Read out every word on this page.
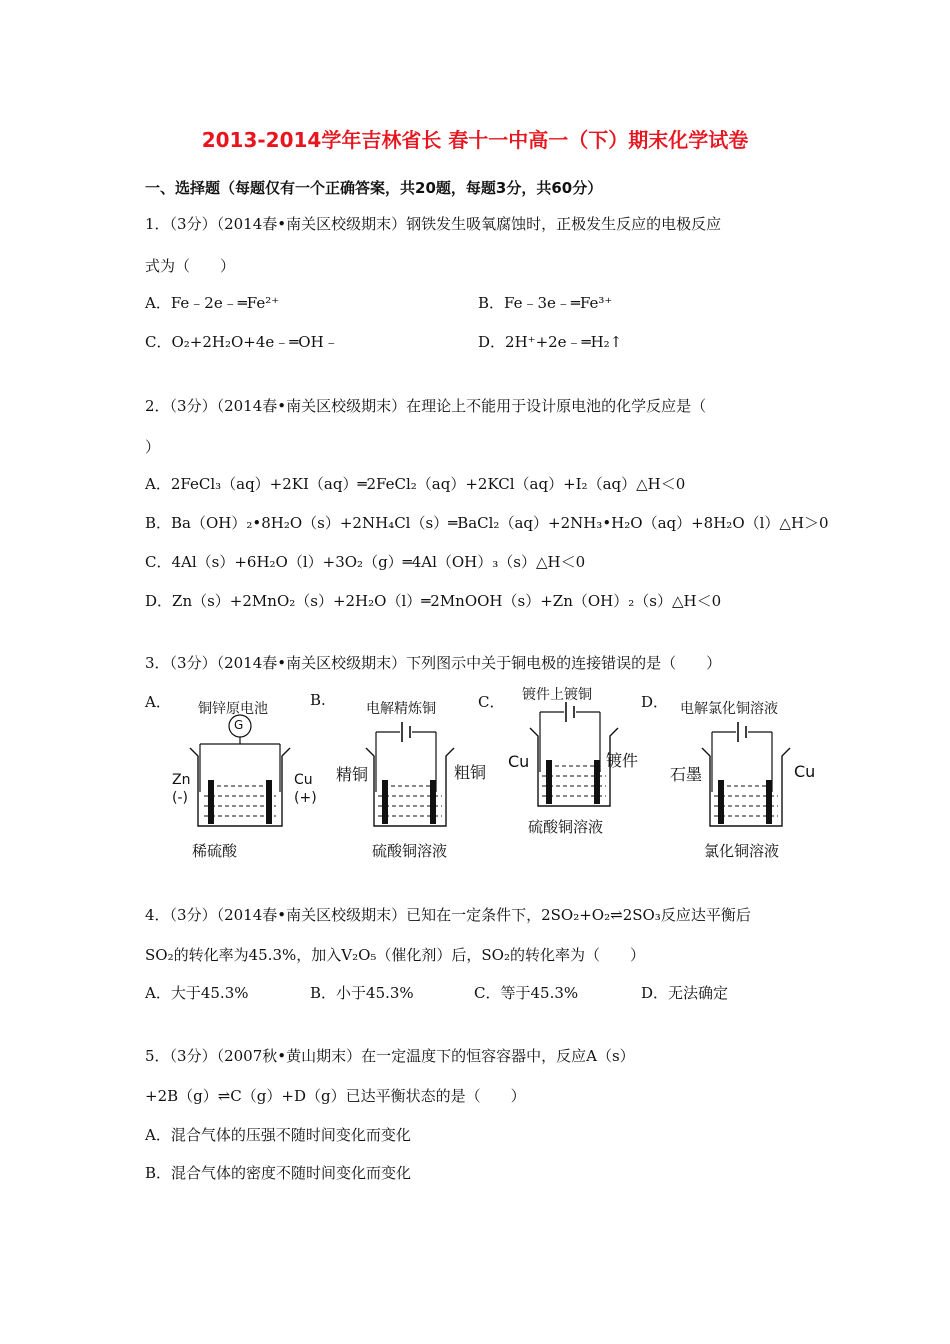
2013-2014学年吉林省长 春十一中高一（下）期末化学试卷
一、选择题（每题仅有一个正确答案，共20题，每题3分，共60分）
1．（3分）（2014春•南关区校级期末）钢铁发生吸氧腐蚀时，正极发生反应的电极反应
式为（　　）
A．Fe﹣2e﹣═Fe²⁺	B．Fe﹣3e﹣═Fe³⁺
C．O₂+2H₂O+4e﹣═OH﹣	D．2H⁺+2e﹣═H₂↑
2．（3分）（2014春•南关区校级期末）在理论上不能用于设计原电池的化学反应是（
）
A．2FeCl₃（aq）+2KI（aq）═2FeCl₂（aq）+2KCl（aq）+I₂（aq）△H＜0
B．Ba（OH）₂•8H₂O（s）+2NH₄Cl（s）═BaCl₂（aq）+2NH₃•H₂O（aq）+8H₂O（l）△H＞0
C．4Al（s）+6H₂O（l）+3O₂（g）═4Al（OH）₃（s）△H＜0
D．Zn（s）+2MnO₂（s）+2H₂O（l）═2MnOOH（s）+Zn（OH）₂（s）△H＜0
3．（3分）（2014春•南关区校级期末）下列图示中关于铜电极的连接错误的是（　　）
A． 铜锌原电池
G
Zn
(-)
Cu
(+)
稀硫酸
B.	电解精炼铜
精铜	粗铜
硫酸铜溶液
C． 镀件上镀铜
Cu	镀件
硫酸铜溶液
D． 电解氯化铜溶液
石墨	Cu
氯化铜溶液
4．（3分）（2014春•南关区校级期末）已知在一定条件下，2SO₂+O₂⇌2SO₃反应达平衡后
SO₂的转化率为45.3%，加入V₂O₅（催化剂）后，SO₂的转化率为（　　）
A．大于45.3%	B．小于45.3%	C．等于45.3%	D．无法确定
5．（3分）（2007秋•黄山期末）在一定温度下的恒容容器中，反应A（s）
+2B（g）⇌C（g）+D（g）已达平衡状态的是（　　）
A．混合气体的压强不随时间变化而变化
B．混合气体的密度不随时间变化而变化
